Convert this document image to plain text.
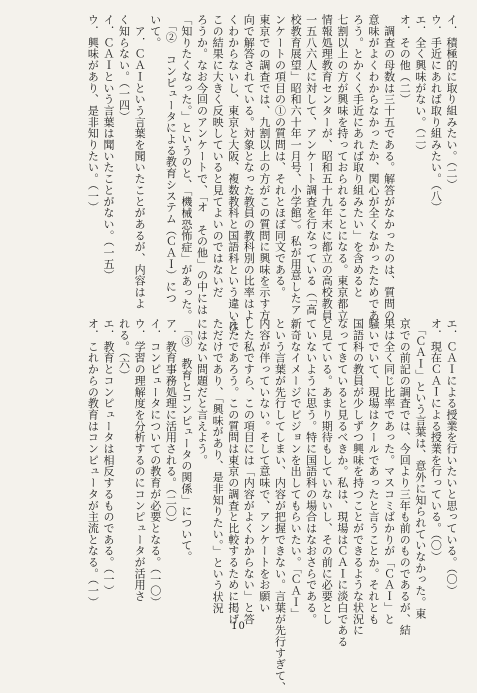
イ．積極的に取り組みたい。（二）
ウ．手近にあれば取り組みたい。（八）
エ．全く興味がない。（二）
オ．その他（二）
　調査の母数は三十五である。解答がなかったのは、質問の
意味がよくわからなかったか、関心が全くなかったためであ
ろう。とかくく手近にあれば取り組みたい」を含めると
七割以上の方が興味を持っておられることになる。東京都立
情報処理教育センターが、昭和五十九年末に都立の高校教員
一五八六人に対して、アンケート調査を行なっている（「高
校教育展望」昭和六十年一月号、小学館）。私が用意したア
ンケートの項目の①の質問は、それとほぼ同文である。
東京での調査では、九割以上の方がこの質問に興味を示す方
向で解答されている。対象となった教員の教科別の比率はよ
くわからないし、東京と大阪、複数教科と国語科という違いは、
この結果に大きく反映していると見てよいのではないだ
ろうか。なお今回のアンケートで、「オ　その他」の中には
「知りたくなった。」というのと、「機械恐怖症」があった。
　「②　コンピュータによる教育システム（ＣＡＩ）につ
いて。
　ア．ＣＡＩという言葉を聞いたことがあるが、内容はよ
く知らない。（一四）
イ．ＣＡＩという言葉は聞いたことがない。（一五）
ウ．興味があり、是非知りたい。（一）
エ．ＣＡＩによる授業を行いたいと思っている。（〇）
オ．現在ＣＡＩによる授業を行っている。（〇）
　「ＣＡＩ」という言葉は、意外に知られていなかった。東
京での前記の調査では、今回より三年も前のものであるが、結
果は全く同じ比率であった。マスコミばかりが「ＣＡＩ」と
騒いでいて、現場はクールであったと言うことか。それとも
国語科の教員が少しずつ興味を持つことができるような状況に
なってきていると見るべきか。私は、現場はＣＡＩに淡白である
と見ている。あまり期待もしていないし、その前に必要とし
ていないように思う。特に国語科の場合はなおさらである。
新奇なイメージでビジョンを出してもらいたい。「ＣＡＩ」
という言葉が先行してしまい、内容が把握できない。言葉が先行すぎて、
内容が伴っていない。そして意味で、アンケートをお願い
した私ですら、この項目には「内容がよくわからない」と答
えたであろう。この質問は東京の調査と比較するために掲げ
ただけであり、「興味があり、是非知りたい。」という状況
にはない問題だと言えよう。
　「③　教育とコンピュータの関係」について。
ア．教育事務処理に活用される。（二〇）
イ．コンピュータについての教育が必要となる。（一〇）
ウ．学習の理解度を分析するのにコンピュータが活用さ
れる。（六）
エ．教育とコンピュータは相反するものである。（一）
オ．これからの教育はコンピュータが主流となる。（一）
10
